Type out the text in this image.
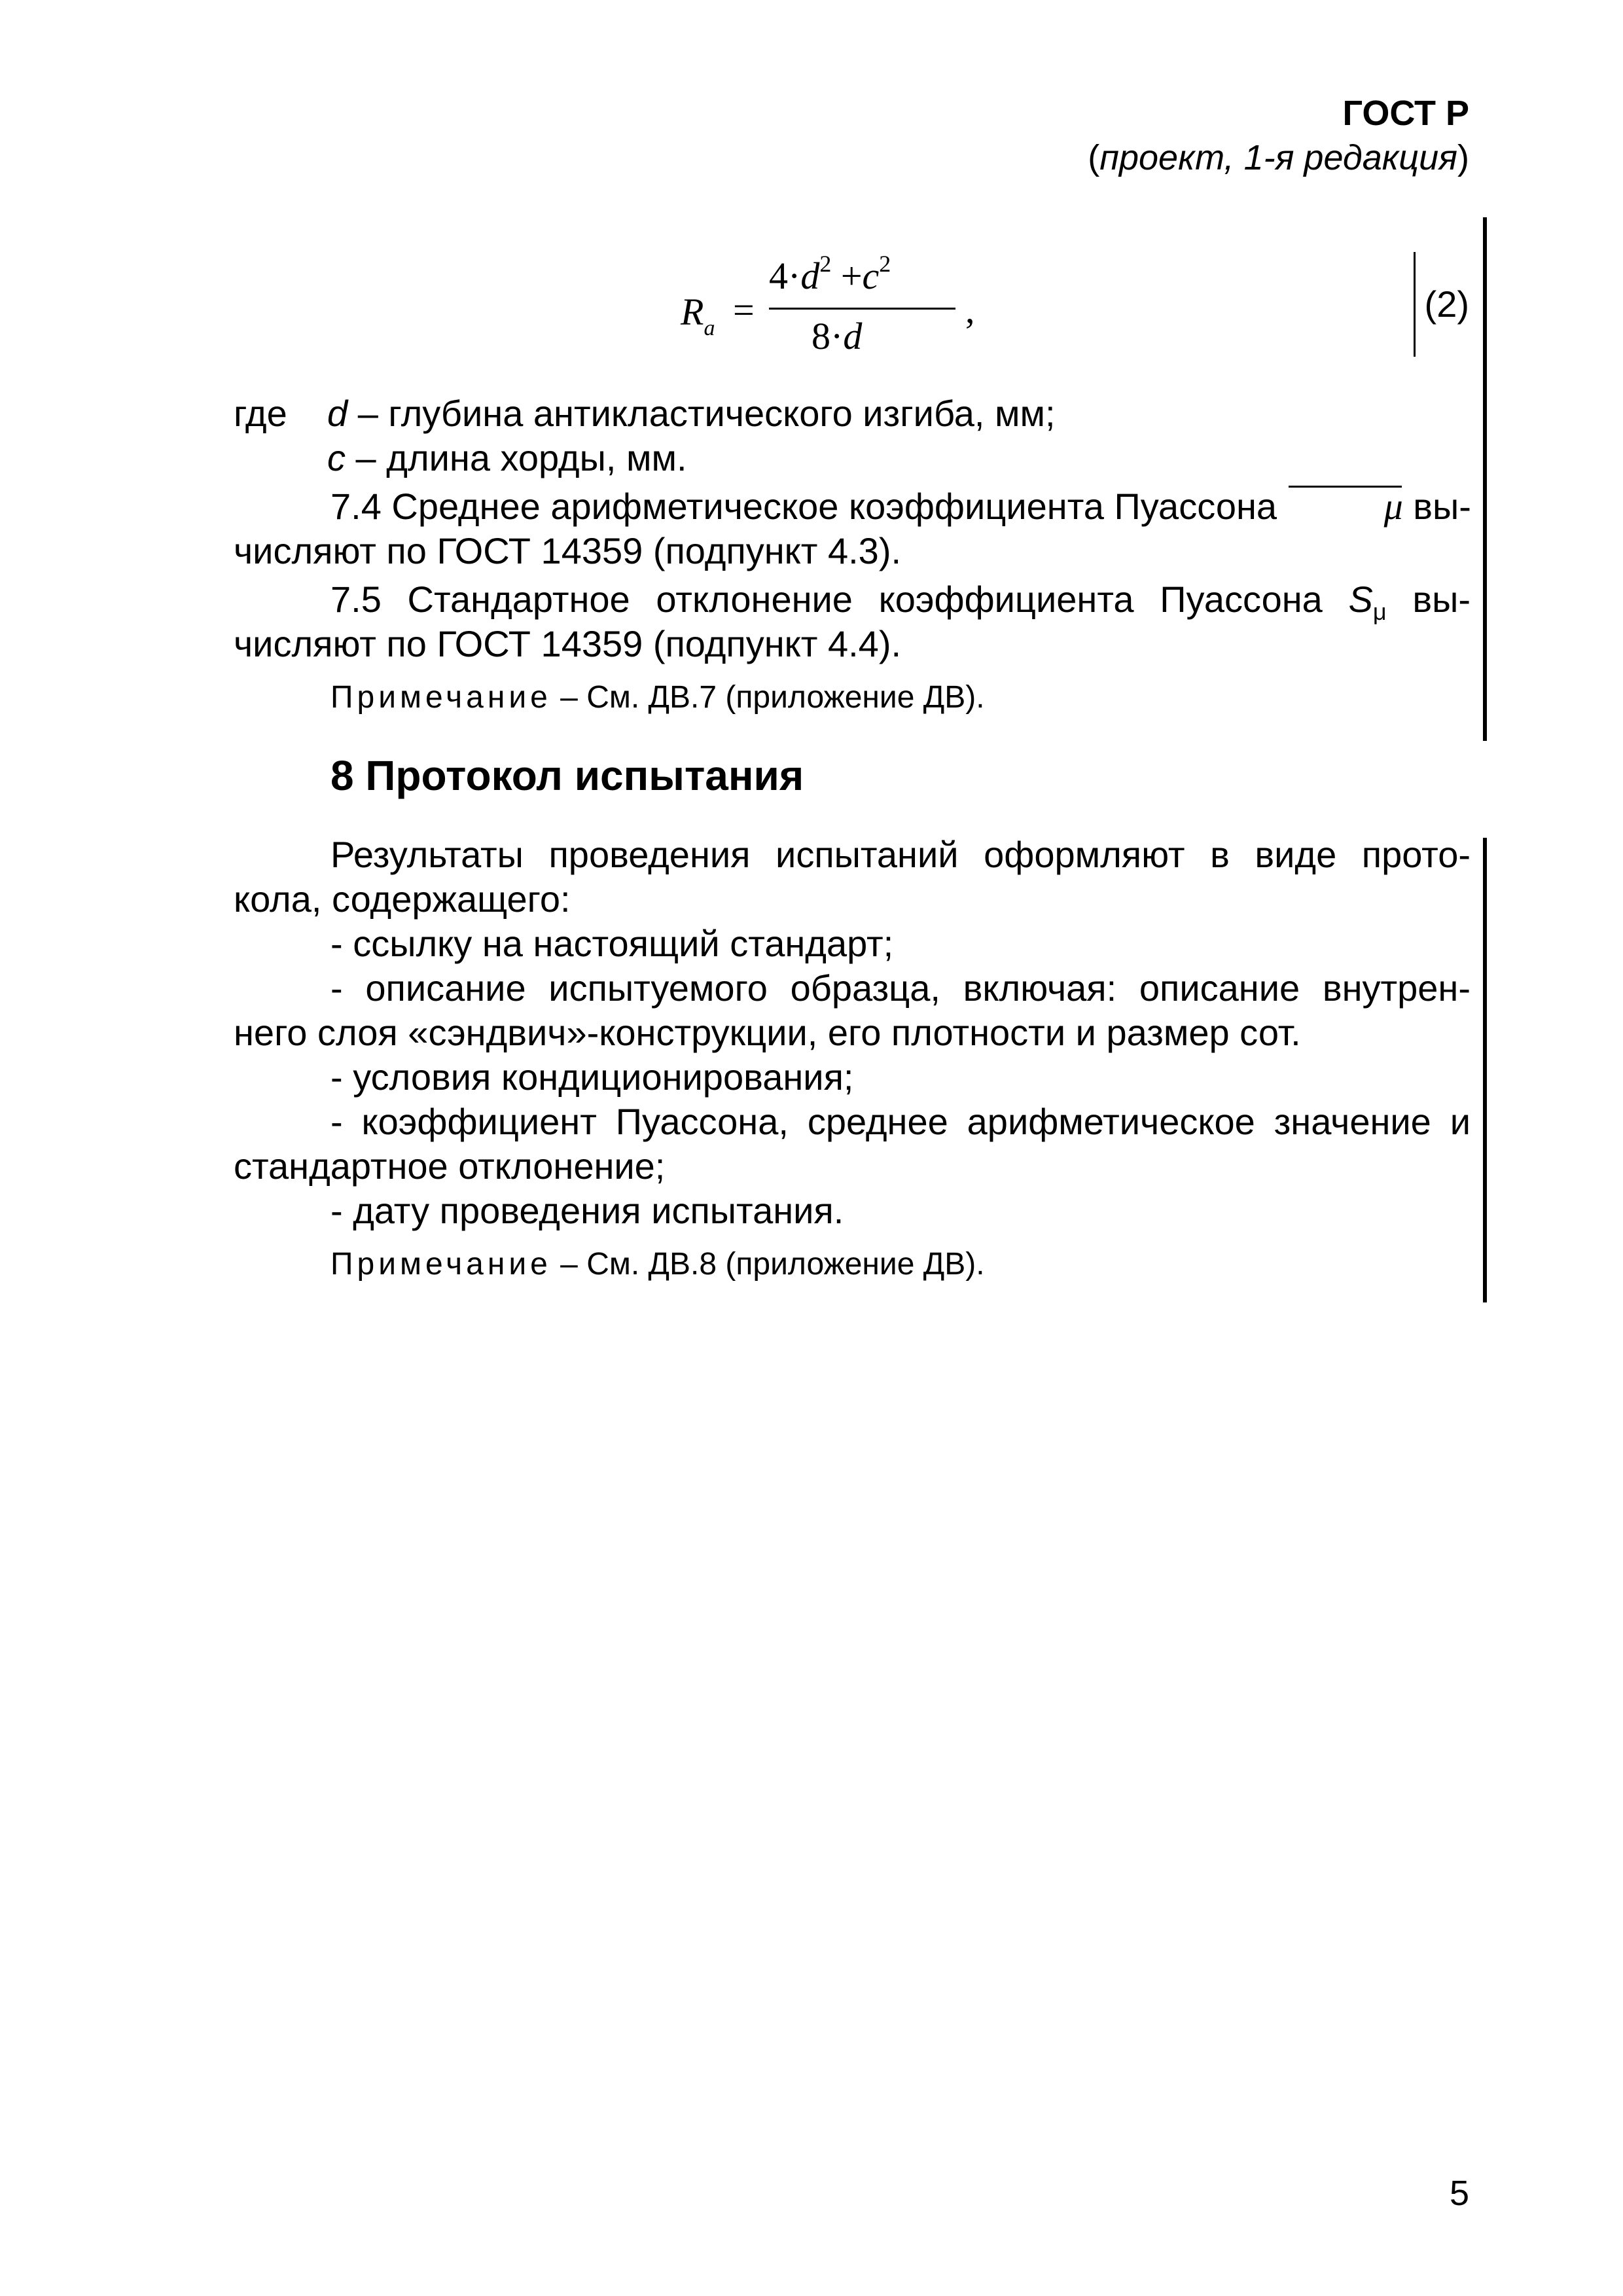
ГОСТ Р
(проект, 1-я редакция)
$R_a$ =
$4\cdot d^2 +c^2$
8·d
,	(2)
где d – глубина антикластического изгиба, мм;
c – длина хорды, мм.
7.4 Среднее арифметическое коэффициента Пуассона	μ вы-
числяют по ГОСТ 14359 (подпункт 4.3).
7.5 Стандартное отклонение коэффициента Пуассона $S_\mu$ вы-
числяют по ГОСТ 14359 (подпункт 4.4).
Примечание – См. ДВ.7 (приложение ДВ).
8 Протокол испытания
Результаты проведения испытаний оформляют в виде прото-
кола, содержащего:
- ссылку на настоящий стандарт;
- описание испытуемого образца, включая: описание внутрен-
него слоя «сэндвич»-конструкции, его плотности и размер сот.
- условия кондиционирования;
- коэффициент Пуассона, среднее арифметическое значение и
стандартное отклонение;
- дату проведения испытания.
Примечание – См. ДВ.8 (приложение ДВ).
5
